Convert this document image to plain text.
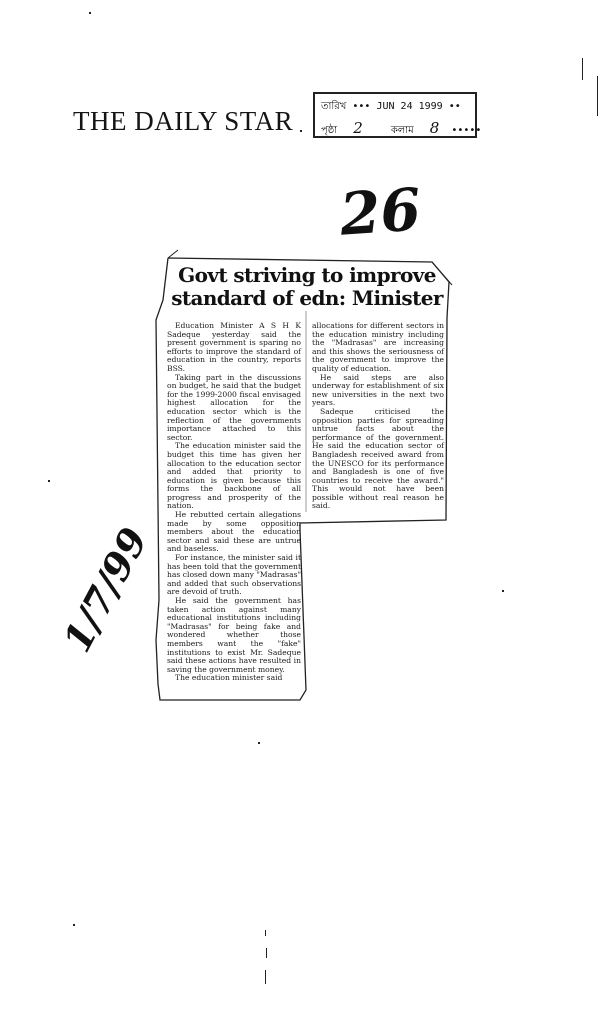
THE DAILY STAR	তারিখ ••• JUN 24 1999 ••
পৃষ্ঠা 2	কলাম 8 •••••
26
1/7/99
Govt striving to improve
standard of edn: Minister

Education Minister A S H K Sadeque yesterday said the present government is sparing no efforts to improve the standard of education in the country, reports BSS.

Taking part in the discussions on budget, he said that the budget for the 1999-2000 fiscal envisaged highest allocation for the education sector which is the reflection of the governments importance attached to this sector.

The education minister said the budget this time has given her allocation to the education sector and added that priority to education is given because this forms the backbone of all progress and prosperity of the nation.

He rebutted certain allegations made by some opposition members about the education sector and said these are untrue and baseless.

For instance, the minister said it has been told that the government has closed down many "Madrasas" and added that such observations are devoid of truth.

He said the government has taken action against many educational institutions including "Madrasas" for being fake and wondered whether those members want the "fake" institutions to exist Mr. Sadeque said these actions have resulted in saving the government money.

The education minister said

allocations for different sectors in the education ministry including the "Madrasas" are increasing and this shows the seriousness of the government to improve the quality of education.

He said steps are also underway for establishment of six new universities in the next two years.

Sadeque criticised the opposition parties for spreading untrue facts about the performance of the government. He said the education sector of Bangladesh received award from the UNESCO for its performance and Bangladesh is one of five countries to receive the award." This would not have been possible without real reason he said.
